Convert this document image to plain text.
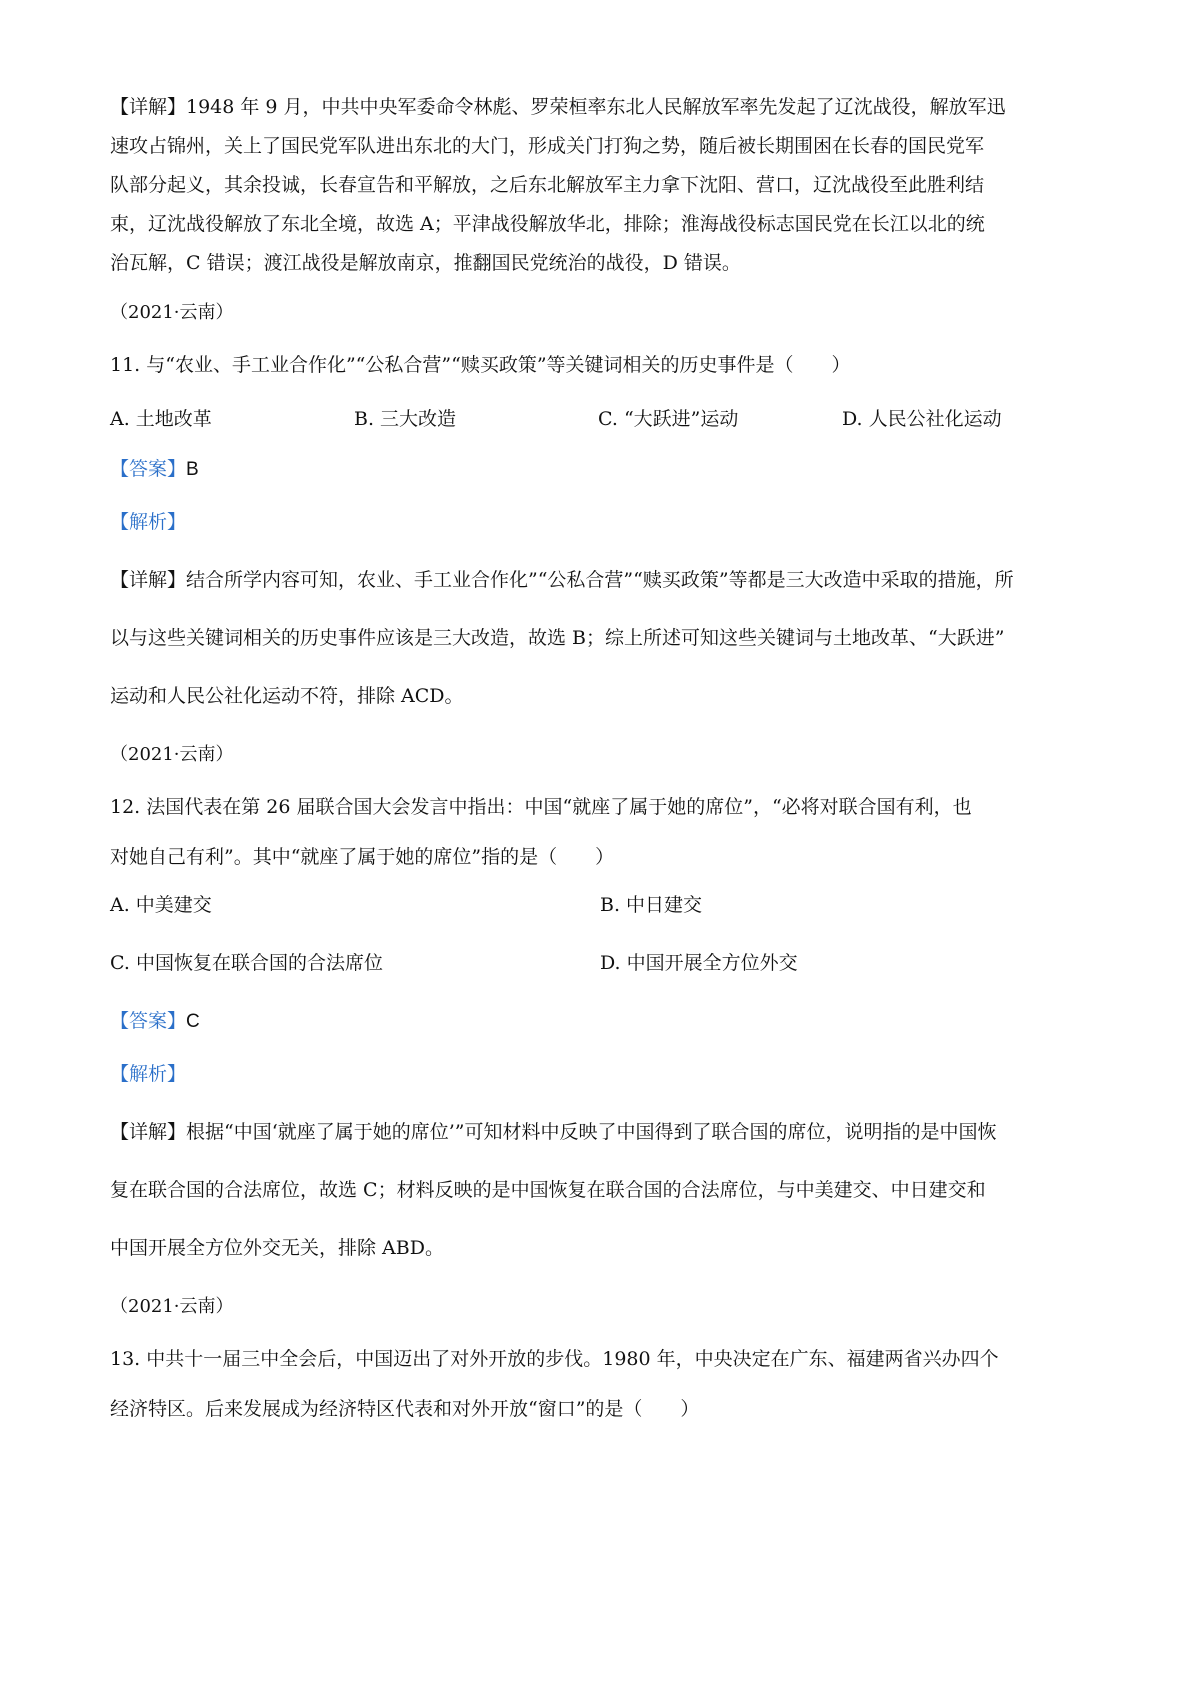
【详解】1948 年 9 月，中共中央军委命令林彪、罗荣桓率东北人民解放军率先发起了辽沈战役，解放军迅

速攻占锦州，关上了国民党军队进出东北的大门，形成关门打狗之势，随后被长期围困在长春的国民党军

队部分起义，其余投诚，长春宣告和平解放，之后东北解放军主力拿下沈阳、营口，辽沈战役至此胜利结

束，辽沈战役解放了东北全境，故选 A；平津战役解放华北，排除；淮海战役标志国民党在长江以北的统

治瓦解，C 错误；渡江战役是解放南京，推翻国民党统治的战役，D 错误。

（2021·云南）

11. 与“农业、手工业合作化”“公私合营”“赎买政策”等关键词相关的历史事件是（　　）

A. 土地改革	B. 三大改造	C. “大跃进”运动	D. 人民公社化运动
【答案】B
【解析】
【详解】结合所学内容可知，农业、手工业合作化”“公私合营”“赎买政策”等都是三大改造中采取的措施，所
以与这些关键词相关的历史事件应该是三大改造，故选 B；综上所述可知这些关键词与土地改革、“大跃进”
运动和人民公社化运动不符，排除 ACD。

（2021·云南）

12. 法国代表在第 26 届联合国大会发言中指出：中国“就座了属于她的席位”，“必将对联合国有利，也
对她自己有利”。其中“就座了属于她的席位”指的是（　　）
A. 中美建交	B. 中日建交
C. 中国恢复在联合国的合法席位	D. 中国开展全方位外交
【答案】C
【解析】
【详解】根据“中国‘就座了属于她的席位’”可知材料中反映了中国得到了联合国的席位，说明指的是中国恢
复在联合国的合法席位，故选 C；材料反映的是中国恢复在联合国的合法席位，与中美建交、中日建交和
中国开展全方位外交无关，排除 ABD。

（2021·云南）

13. 中共十一届三中全会后，中国迈出了对外开放的步伐。1980 年，中央决定在广东、福建两省兴办四个
经济特区。后来发展成为经济特区代表和对外开放“窗口”的是（　　）
